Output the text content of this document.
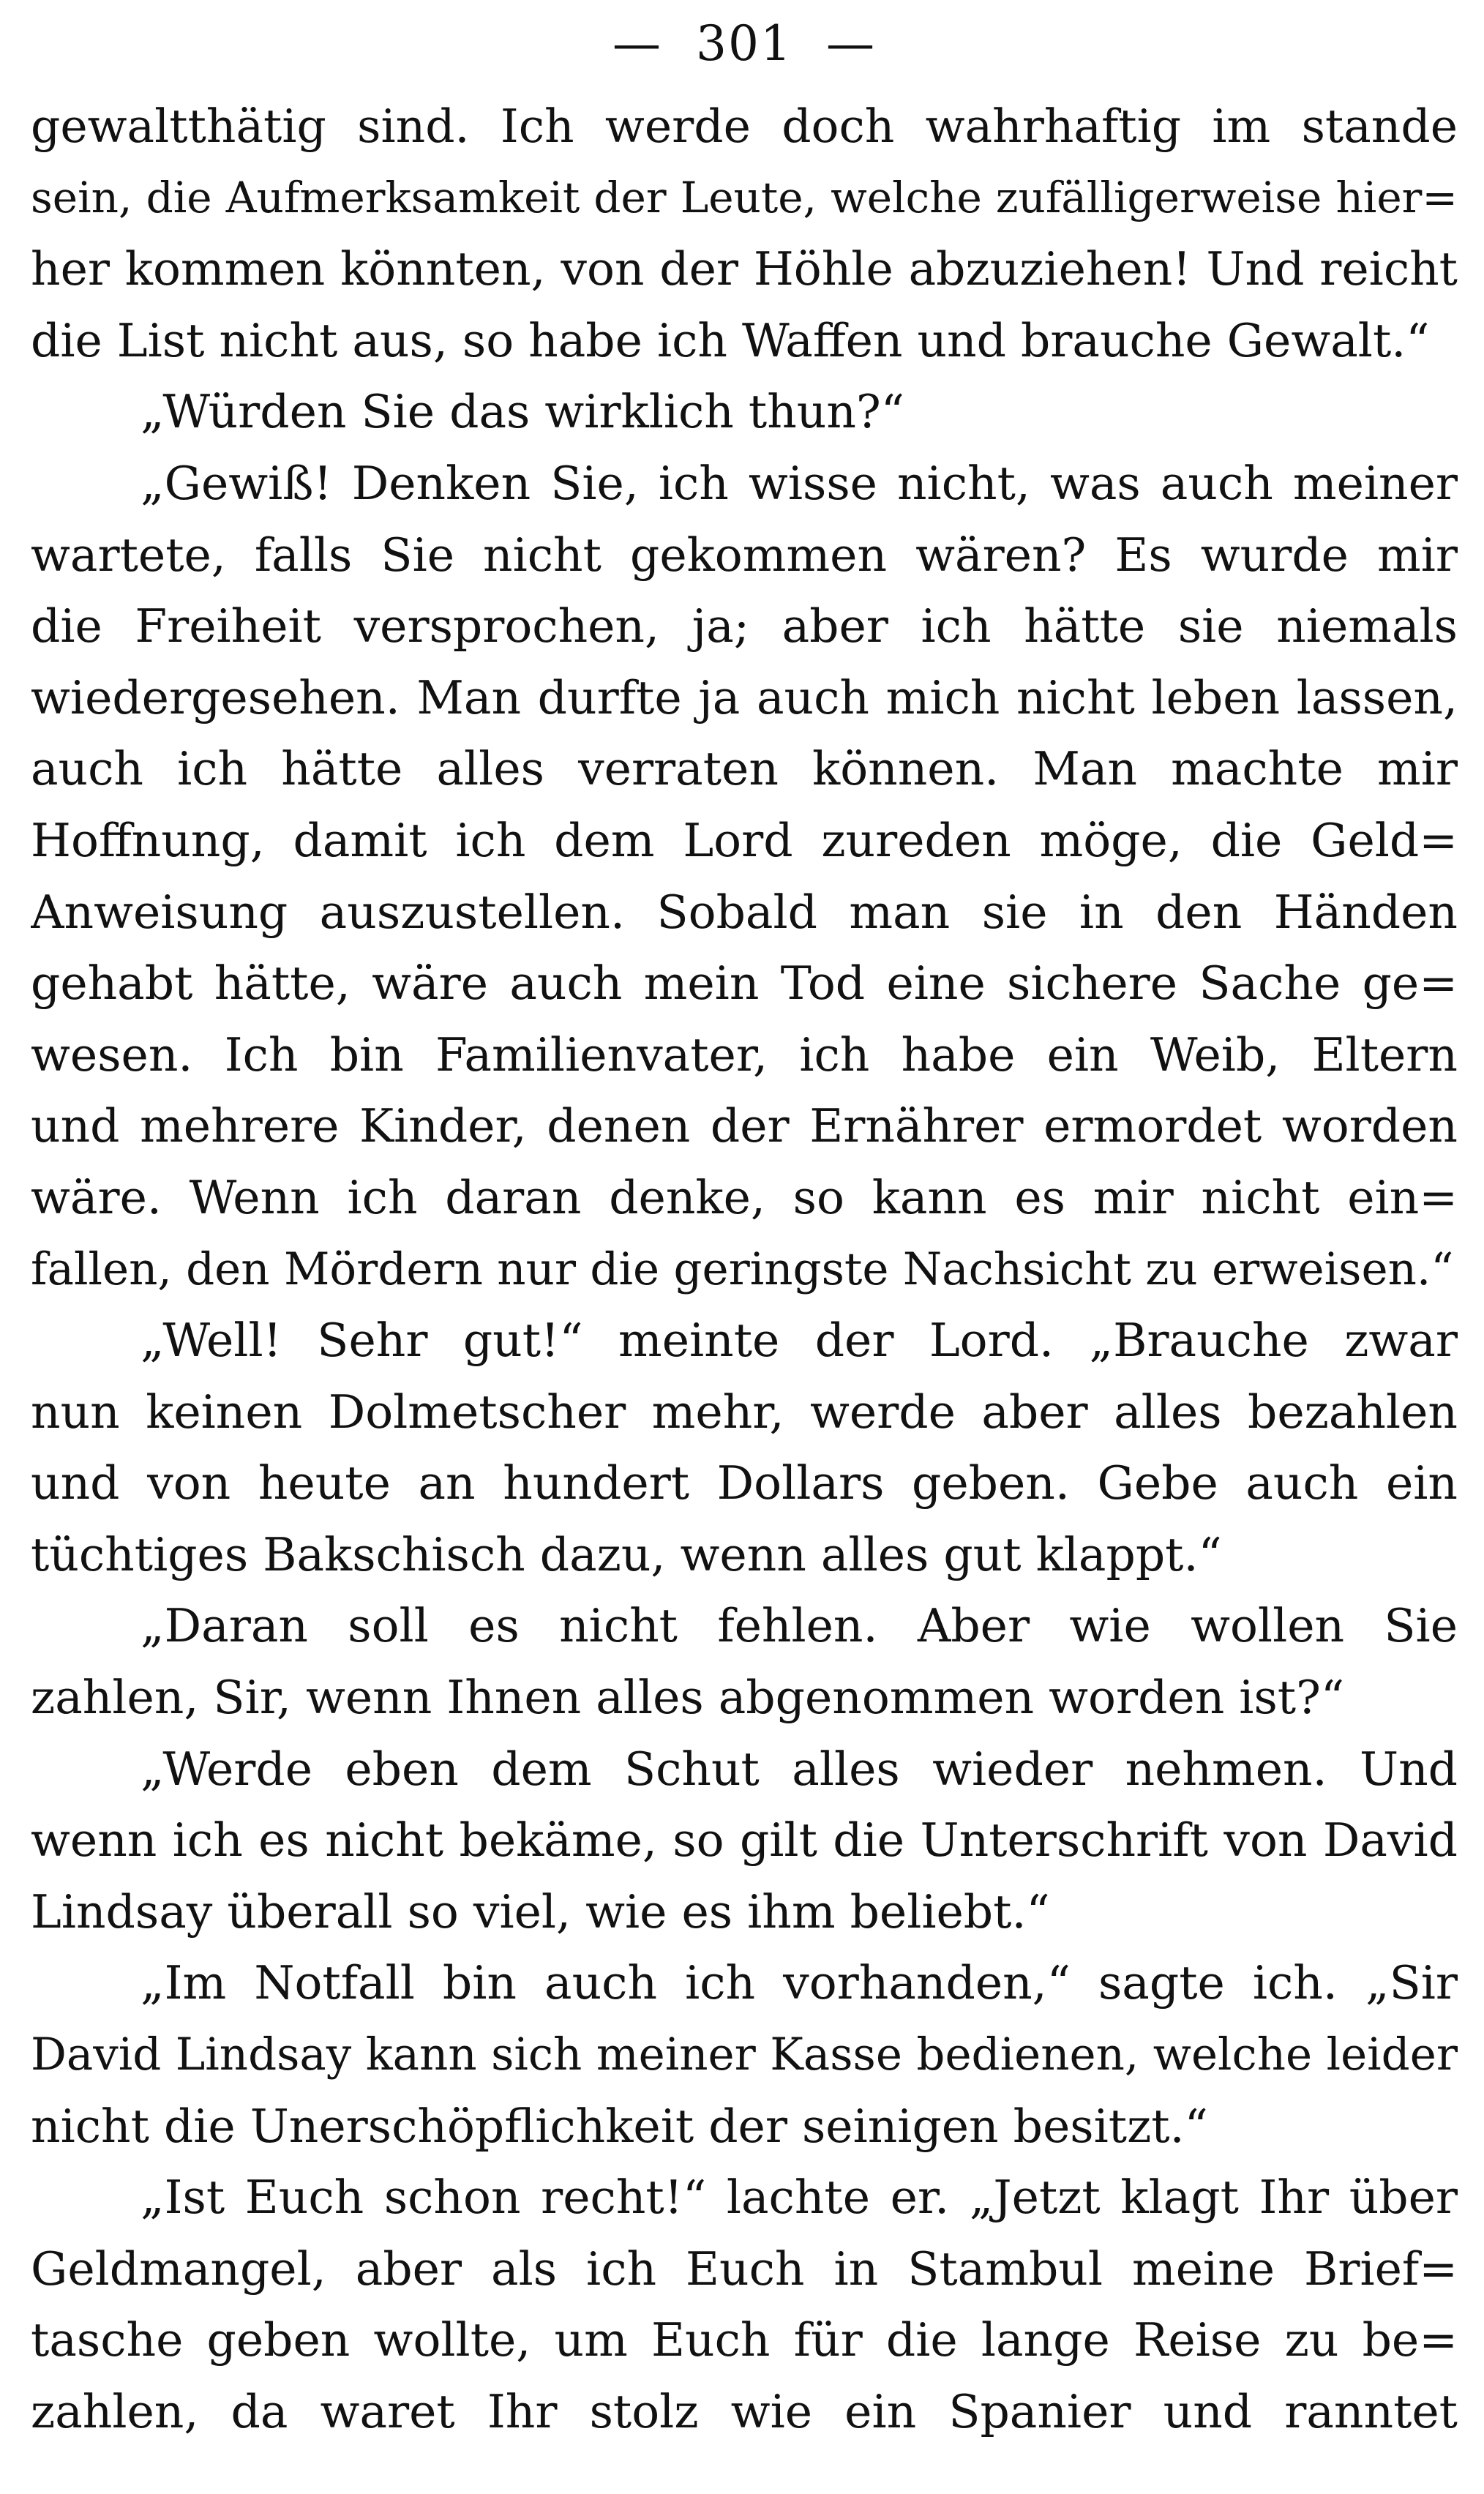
—  301  —
gewaltthätig sind. Ich werde doch wahrhaftig im stande
sein, die Aufmerksamkeit der Leute, welche zufälligerweise hier=
her kommen könnten, von der Höhle abzuziehen! Und reicht
die List nicht aus, so habe ich Waffen und brauche Gewalt.“
„Würden Sie das wirklich thun?“
„Gewiß! Denken Sie, ich wisse nicht, was auch meiner
wartete, falls Sie nicht gekommen wären? Es wurde mir
die Freiheit versprochen, ja; aber ich hätte sie niemals
wiedergesehen. Man durfte ja auch mich nicht leben lassen,
auch ich hätte alles verraten können. Man machte mir
Hoffnung, damit ich dem Lord zureden möge, die Geld=
Anweisung auszustellen. Sobald man sie in den Händen
gehabt hätte, wäre auch mein Tod eine sichere Sache ge=
wesen. Ich bin Familienvater, ich habe ein Weib, Eltern
und mehrere Kinder, denen der Ernährer ermordet worden
wäre. Wenn ich daran denke, so kann es mir nicht ein=
fallen, den Mördern nur die geringste Nachsicht zu erweisen.“
„Well! Sehr gut!“ meinte der Lord. „Brauche zwar
nun keinen Dolmetscher mehr, werde aber alles bezahlen
und von heute an hundert Dollars geben. Gebe auch ein
tüchtiges Bakschisch dazu, wenn alles gut klappt.“
„Daran soll es nicht fehlen. Aber wie wollen Sie
zahlen, Sir, wenn Ihnen alles abgenommen worden ist?“
„Werde eben dem Schut alles wieder nehmen. Und
wenn ich es nicht bekäme, so gilt die Unterschrift von David
Lindsay überall so viel, wie es ihm beliebt.“
„Im Notfall bin auch ich vorhanden,“ sagte ich. „Sir
David Lindsay kann sich meiner Kasse bedienen, welche leider
nicht die Unerschöpflichkeit der seinigen besitzt.“
„Ist Euch schon recht!“ lachte er. „Jetzt klagt Ihr über
Geldmangel, aber als ich Euch in Stambul meine Brief=
tasche geben wollte, um Euch für die lange Reise zu be=
zahlen, da waret Ihr stolz wie ein Spanier und ranntet
